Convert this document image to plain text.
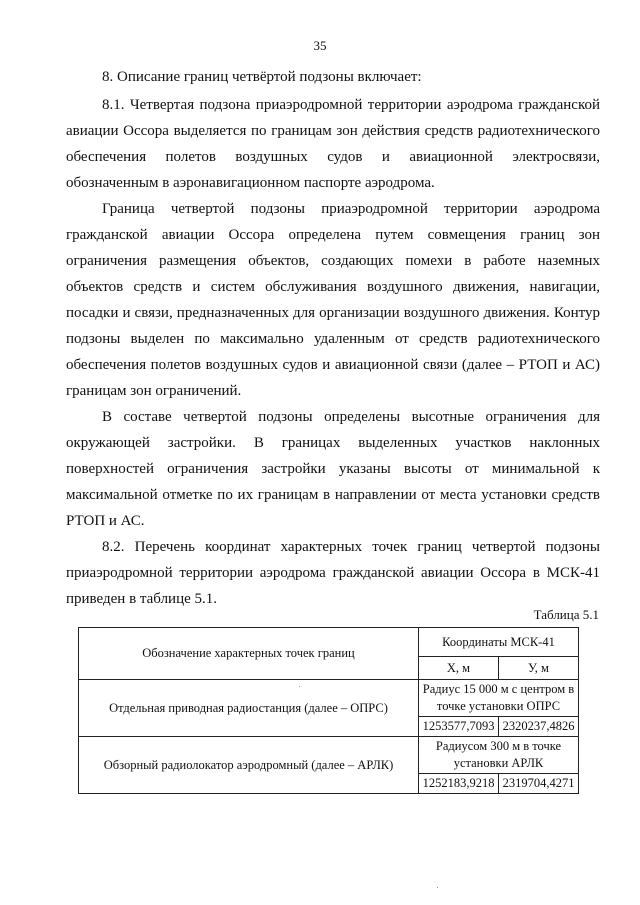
35

8. Описание границ четвёртой подзоны включает:

8.1. Четвертая подзона приаэродромной территории аэродрома гражданской авиации Оссора выделяется по границам зон действия средств радиотехнического обеспечения полетов воздушных судов и авиационной электросвязи, обозначенным в аэронавигационном паспорте аэродрома.

Граница четвертой подзоны приаэродромной территории аэродрома гражданской авиации Оссора определена путем совмещения границ зон ограничения размещения объектов, создающих помехи в работе наземных объектов средств и систем обслуживания воздушного движения, навигации, посадки и связи, предназначенных для организации воздушного движения. Контур подзоны выделен по максимально удаленным от средств радиотехнического обеспечения полетов воздушных судов и авиационной связи (далее – РТОП и АС) границам зон ограничений.

В составе четвертой подзоны определены высотные ограничения для окружающей застройки. В границах выделенных участков наклонных поверхностей ограничения застройки указаны высоты от минимальной к максимальной отметке по их границам в направлении от места установки средств РТОП и АС.

8.2. Перечень координат характерных точек границ четвертой подзоны приаэродромной территории аэродрома гражданской авиации Оссора в МСК-41 приведен в таблице 5.1.

Таблица 5.1
Обозначение характерных точек границ	Координаты МСК-41	
	Х, м	У, м
Отдельная приводная радиостанция (далее – ОПРС)	Радиус 15 000 м с центром в точке установки ОПРС	
	1253577,7093	2320237,4826
Обзорный радиолокатор аэродромный (далее – АРЛК)	Радиусом 300 м в точке установки АРЛК	
	1252183,9218	2319704,4271
